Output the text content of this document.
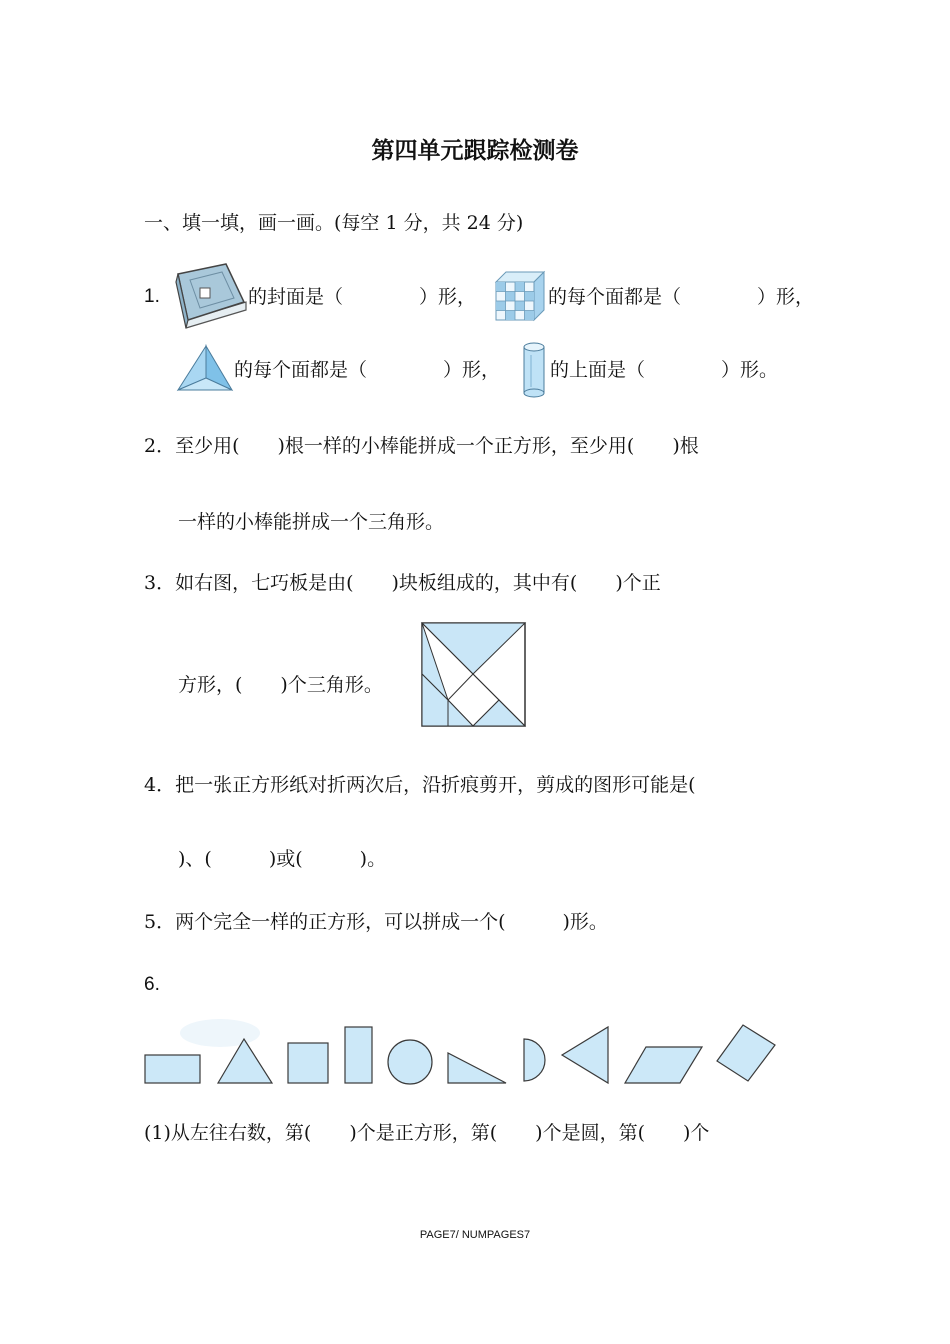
第四单元跟踪检测卷
一、填一填，画一画。(每空 1 分，共 24 分)
1.	的封面是（　　　　）形，	的每个面都是（　　　　）形，
的每个面都是（　　　　）形，	的上面是（　　　　）形。
2．至少用(　　)根一样的小棒能拼成一个正方形，至少用(　　)根
一样的小棒能拼成一个三角形。
3．如右图，七巧板是由(　　)块板组成的，其中有(　　)个正
方形，(　　)个三角形。
4．把一张正方形纸对折两次后，沿折痕剪开，剪成的图形可能是(
)、(　　　)或(　　　)。
5．两个完全一样的正方形，可以拼成一个(　　　)形。
6.
(1)从左往右数，第(　　)个是正方形，第(　　)个是圆，第(　　)个
PAGE7/ NUMPAGES7
